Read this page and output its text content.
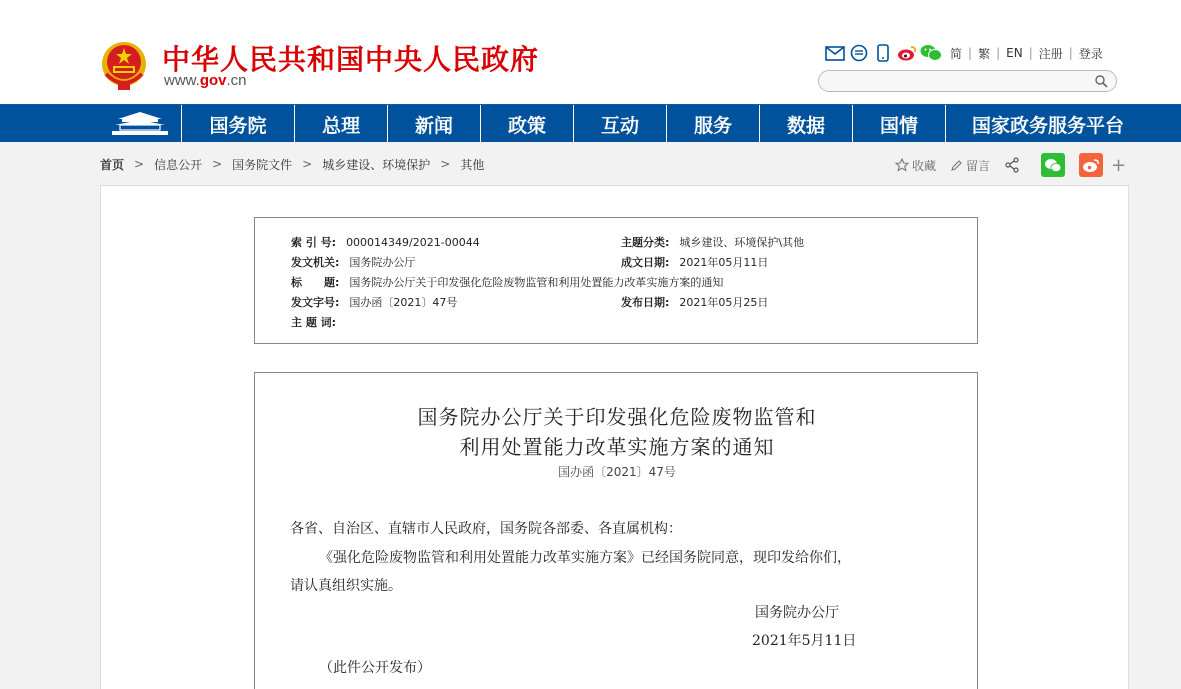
中华人民共和国中央人民政府
www.gov.cn
简 | 繁 | EN | 注册 | 登录
国务院	总理	新闻	政策	互动	服务	数据	国情	国家政务服务平台
首页 > 信息公开 > 国务院文件 > 城乡建设、环境保护 > 其他	收藏	留言	+
索 引 号: 000014349/2021-00044	主题分类: 城乡建设、环境保护\其他
发文机关: 国务院办公厅	成文日期: 2021年05月11日
标　　题: 国务院办公厅关于印发强化危险废物监管和利用处置能力改革实施方案的通知
发文字号: 国办函〔2021〕47号	发布日期: 2021年05月25日
主 题 词:
国务院办公厅关于印发强化危险废物监管和
利用处置能力改革实施方案的通知
国办函〔2021〕47号
各省、自治区、直辖市人民政府，国务院各部委、各直属机构：
《强化危险废物监管和利用处置能力改革实施方案》已经国务院同意，现印发给你们，
请认真组织实施。
国务院办公厅
2021年5月11日
（此件公开发布）
